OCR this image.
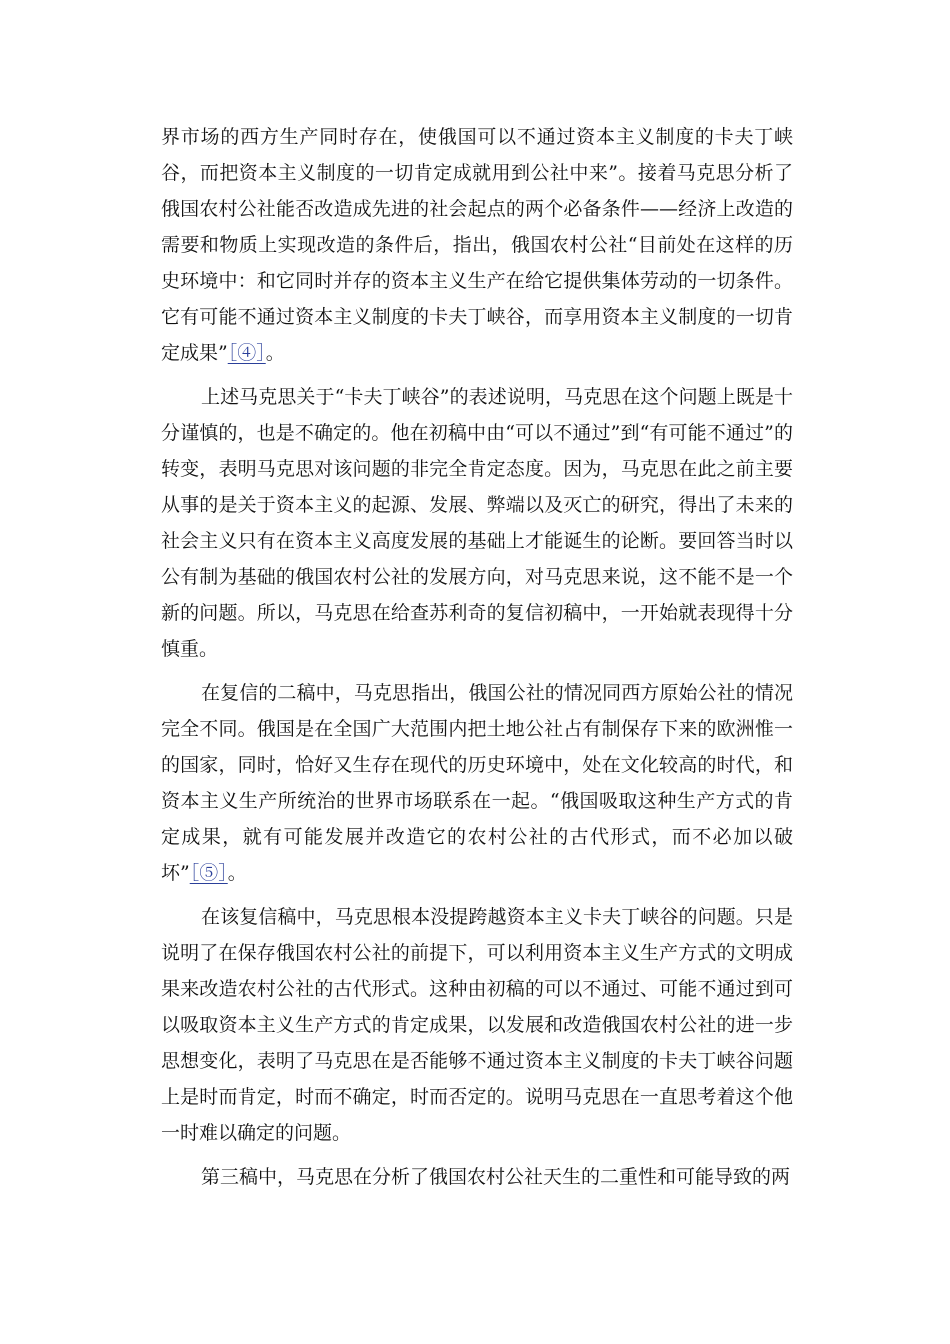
界市场的西方生产同时存在，使俄国可以不通过资本主义制度的卡夫丁峡谷，而把资本主义制度的一切肯定成就用到公社中来”。接着马克思分析了俄国农村公社能否改造成先进的社会起点的两个必备条件——经济上改造的需要和物质上实现改造的条件后，指出，俄国农村公社“目前处在这样的历史环境中：和它同时并存的资本主义生产在给它提供集体劳动的一切条件。它有可能不通过资本主义制度的卡夫丁峡谷，而享用资本主义制度的一切肯定成果”［④］。

上述马克思关于“卡夫丁峡谷”的表述说明，马克思在这个问题上既是十分谨慎的，也是不确定的。他在初稿中由“可以不通过”到“有可能不通过”的转变，表明马克思对该问题的非完全肯定态度。因为，马克思在此之前主要从事的是关于资本主义的起源、发展、弊端以及灭亡的研究，得出了未来的社会主义只有在资本主义高度发展的基础上才能诞生的论断。要回答当时以公有制为基础的俄国农村公社的发展方向，对马克思来说，这不能不是一个新的问题。所以，马克思在给查苏利奇的复信初稿中，一开始就表现得十分慎重。

在复信的二稿中，马克思指出，俄国公社的情况同西方原始公社的情况完全不同。俄国是在全国广大范围内把土地公社占有制保存下来的欧洲惟一的国家，同时，恰好又生存在现代的历史环境中，处在文化较高的时代，和资本主义生产所统治的世界市场联系在一起。“俄国吸取这种生产方式的肯定成果，就有可能发展并改造它的农村公社的古代形式，而不必加以破坏”［⑤］。

在该复信稿中，马克思根本没提跨越资本主义卡夫丁峡谷的问题。只是说明了在保存俄国农村公社的前提下，可以利用资本主义生产方式的文明成果来改造农村公社的古代形式。这种由初稿的可以不通过、可能不通过到可以吸取资本主义生产方式的肯定成果，以发展和改造俄国农村公社的进一步思想变化，表明了马克思在是否能够不通过资本主义制度的卡夫丁峡谷问题上是时而肯定，时而不确定，时而否定的。说明马克思在一直思考着这个他一时难以确定的问题。

第三稿中，马克思在分析了俄国农村公社天生的二重性和可能导致的两
